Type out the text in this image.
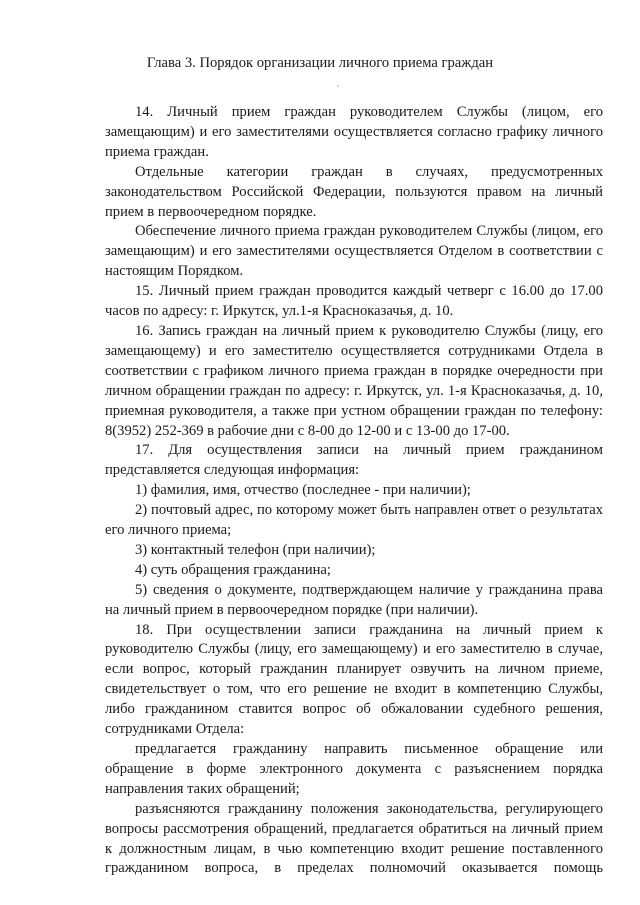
Глава 3. Порядок организации личного приема граждан
ʻ

14. Личный прием граждан руководителем Службы (лицом, его замещающим) и его заместителями осуществляется согласно графику личного приема граждан.

Отдельные категории граждан в случаях, предусмотренных законодательством Российской Федерации, пользуются правом на личный прием в первоочередном порядке.

Обеспечение личного приема граждан руководителем Службы (лицом, его замещающим) и его заместителями осуществляется Отделом в соответствии с настоящим Порядком.

15. Личный прием граждан проводится каждый четверг с 16.00 до 17.00 часов по адресу: г. Иркутск, ул.1-я Красноказачья, д. 10.

16. Запись граждан на личный прием к руководителю Службы (лицу, его замещающему) и его заместителю осуществляется сотрудниками Отдела в соответствии с графиком личного приема граждан в порядке очередности при личном обращении граждан по адресу: г. Иркутск, ул. 1-я Красноказачья, д. 10, приемная руководителя, а также при устном обращении граждан по телефону: 8(3952) 252-369 в рабочие дни с 8-00 до 12-00 и с 13-00 до 17-00.

17. Для осуществления записи на личный прием гражданином представляется следующая информация:

1) фамилия, имя, отчество (последнее - при наличии);

2) почтовый адрес, по которому может быть направлен ответ о результатах его личного приема;

3) контактный телефон (при наличии);

4) суть обращения гражданина;

5) сведения о документе, подтверждающем наличие у гражданина права на личный прием в первоочередном порядке (при наличии).

18. При осуществлении записи гражданина на личный прием к руководителю Службы (лицу, его замещающему) и его заместителю в случае, если вопрос, который гражданин планирует озвучить на личном приеме, свидетельствует о том, что его решение не входит в компетенцию Службы, либо гражданином ставится вопрос об обжаловании судебного решения, сотрудниками Отдела:

предлагается гражданину направить письменное обращение или обращение в форме электронного документа с разъяснением порядка направления таких обращений;

разъясняются гражданину положения законодательства, регулирующего вопросы рассмотрения обращений, предлагается обратиться на личный прием к должностным лицам, в чью компетенцию входит решение поставленного гражданином вопроса, в пределах полномочий оказывается помощь
